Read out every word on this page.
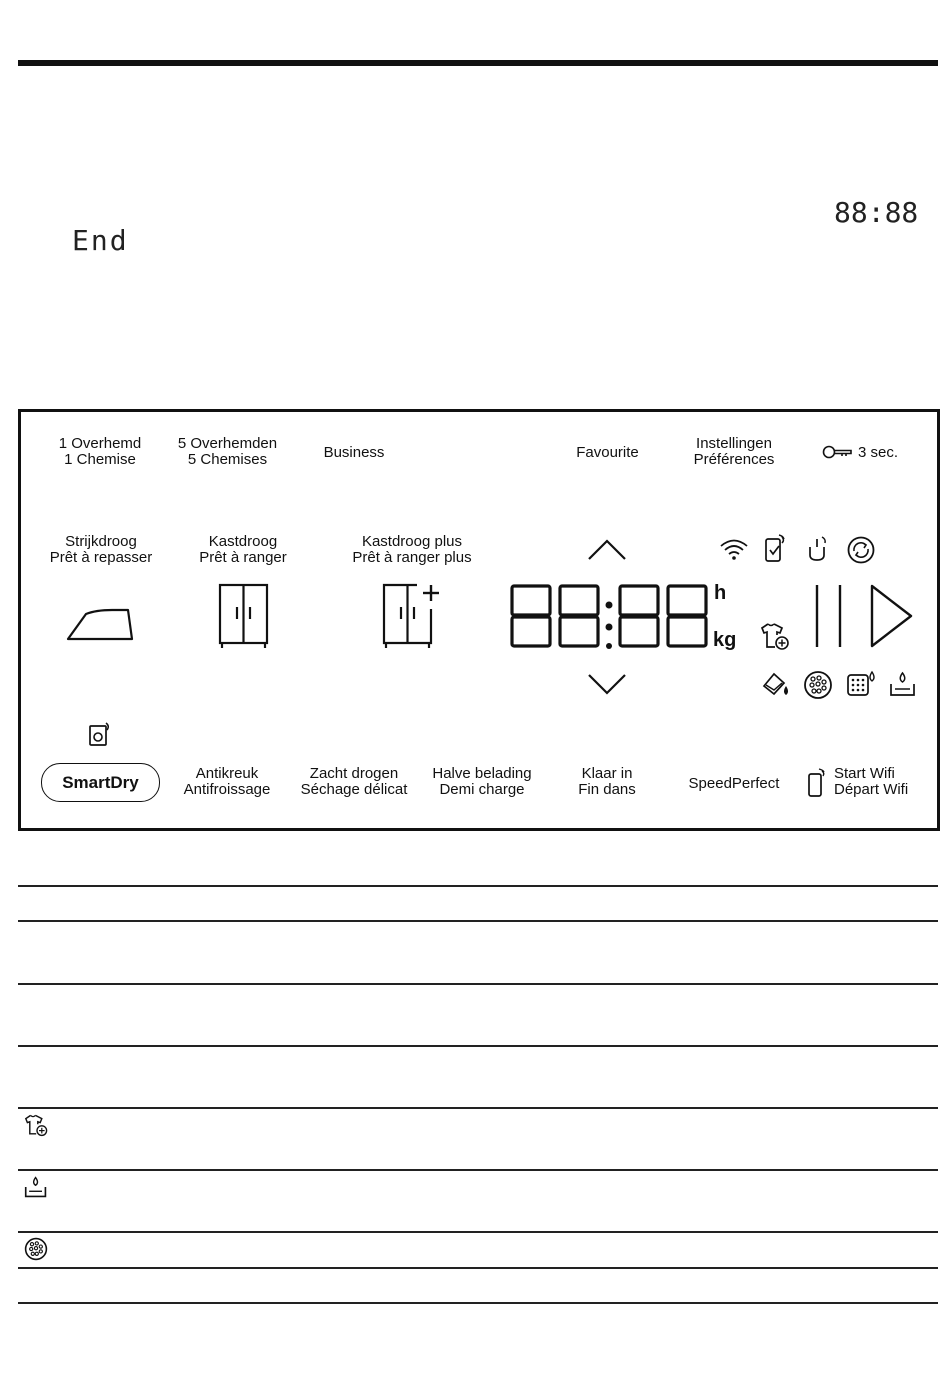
End
88:88
1 Overhemd
1 Chemise
5 Overhemden
5 Chemises	Business	Favourite
Instellingen
Préférences	3 sec.
Strijkdroog
Prêt à repasser
Kastdroog
Prêt à ranger
Kastdroog plus
Prêt à ranger plus
h
kg
SmartDry	Antikreuk
Antifroissage
Zacht drogen
Séchage délicat
Halve belading
Demi charge
Klaar in
Fin dans	SpeedPerfect
Start Wifi
Départ Wifi
